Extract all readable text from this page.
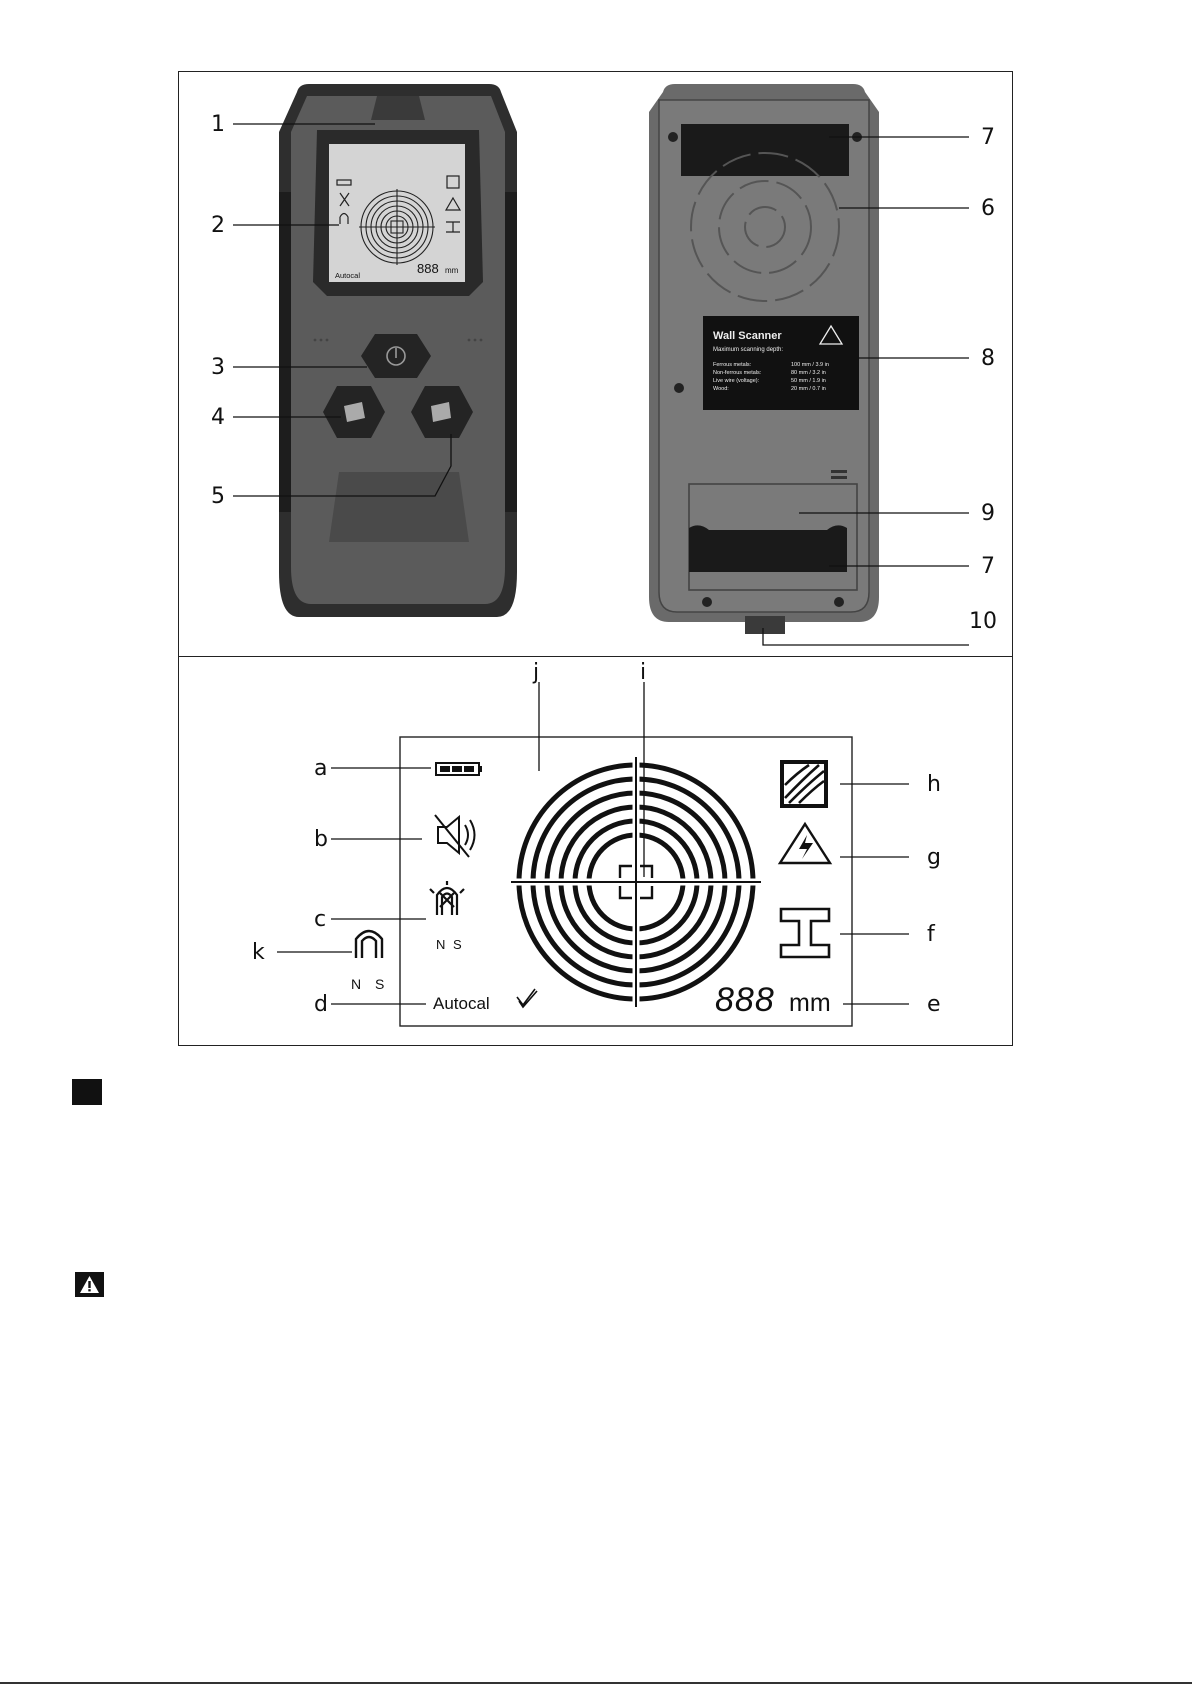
Autocal	888 mm
1
2
3
4
5
Wall Scanner
Maximum scanning depth:
Ferrous metals:	100 mm / 3.9 in
Non-ferrous metals:	80 mm / 3.2 in
Live wire (voltage):	50 mm / 1.9 in
Wood:	20 mm / 0.7 in
7
6
8
9
7
10
N S
N S
Autocal	888 mm
a
b
c
k
d	e
f
g
h
j	i
